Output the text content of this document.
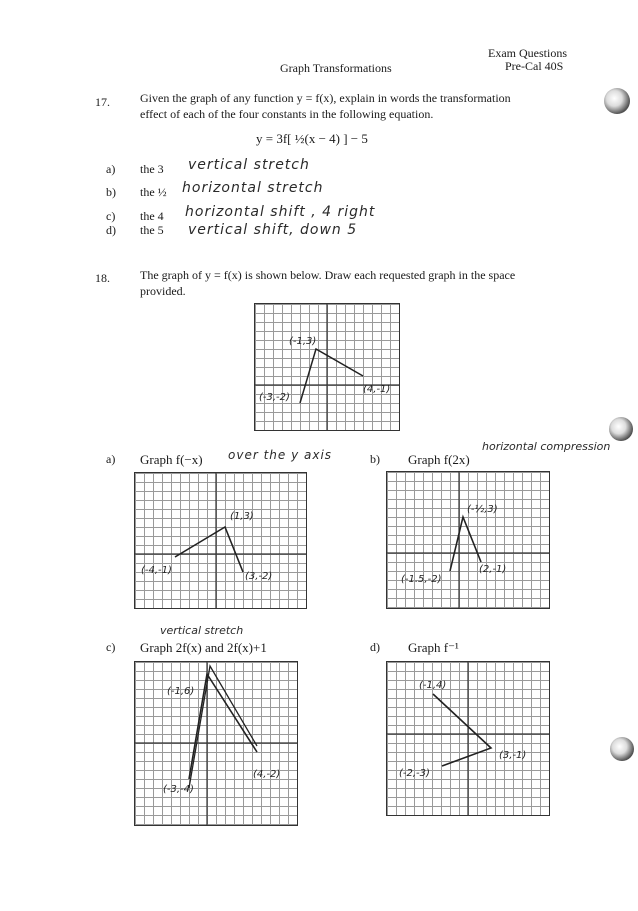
Exam Questions
Pre-Cal 40S
Graph Transformations
17.	Given the graph of any function y = f(x), explain in words the transformation
effect of each of the four constants in the following equation.
y = 3f[ ½(x − 4) ] − 5
a) the 3 vertical stretch
b) the ½ horizontal stretch
c) the 4 horizontal shift , 4 right
d) the 5 vertical shift, down 5
18.	The graph of y = f(x) is shown below. Draw each requested graph in the space
provided.
(-1,3)
(-3,-2)
(4,-1)
a) Graph f(−x) over the y axis
(1,3)
(-4,-1)
(3,-2)
b) Graph f(2x)
horizontal compression
(-½,3)
(-1.5,-2)
(2,-1)
c)
vertical stretch
Graph 2f(x) and 2f(x)+1
(-1,6)
(-3,-4)
(4,-2)
d) Graph f⁻¹
(3,-1)
(-2,-3)
(-1,4)
